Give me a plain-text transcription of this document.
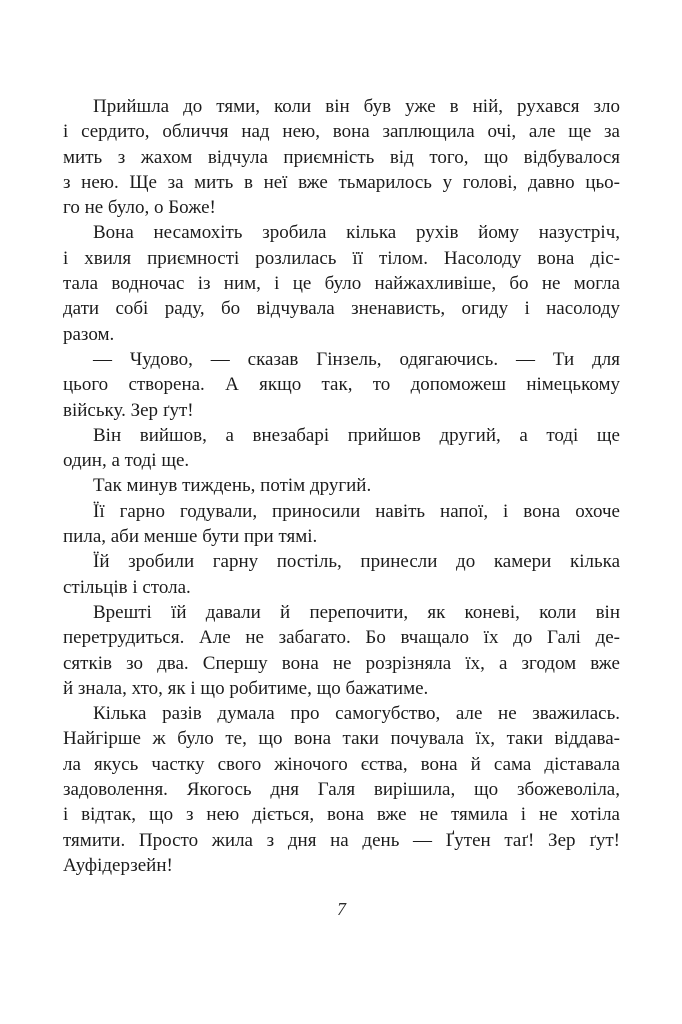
Прийшла до тями, коли він був уже в ній, рухався зло
і сердито, обличчя над нею, вона заплющила очі, але ще за
мить з жахом відчула приємність від того, що відбувалося
з нею. Ще за мить в неї вже тьмарилось у голові, давно цьо-
го не було, о Боже!
Вона несамохіть зробила кілька рухів йому назустріч,
і хвиля приємності розлилась її тілом. Насолоду вона діс-
тала водночас із ним, і це було найжахливіше, бо не могла
дати собі раду, бо відчувала зненависть, огиду і насолоду
разом.
— Чудово, — сказав Гінзель, одягаючись. — Ти для
цього створена. А якщо так, то допоможеш німецькому
війську. Зер ґут!
Він вийшов, а внезабарі прийшов другий, а тоді ще
один, а тоді ще.
Так минув тиждень, потім другий.
Її гарно годували, приносили навіть напої, і вона охоче
пила, аби менше бути при тямі.
Їй зробили гарну постіль, принесли до камери кілька
стільців і стола.
Врешті їй давали й перепочити, як коневі, коли він
перетрудиться. Але не забагато. Бо вчащало їх до Галі де-
сятків зо два. Спершу вона не розрізняла їх, а згодом вже
й знала, хто, як і що робитиме, що бажатиме.
Кілька разів думала про самогубство, але не зважилась.
Найгірше ж було те, що вона таки почувала їх, таки віддава-
ла якусь частку свого жіночого єства, вона й сама діставала
задоволення. Якогось дня Галя вирішила, що збожеволіла,
і відтак, що з нею діється, вона вже не тямила і не хотіла
тямити. Просто жила з дня на день — Ґутен таґ! Зер ґут!
Ауфідерзейн!
7
